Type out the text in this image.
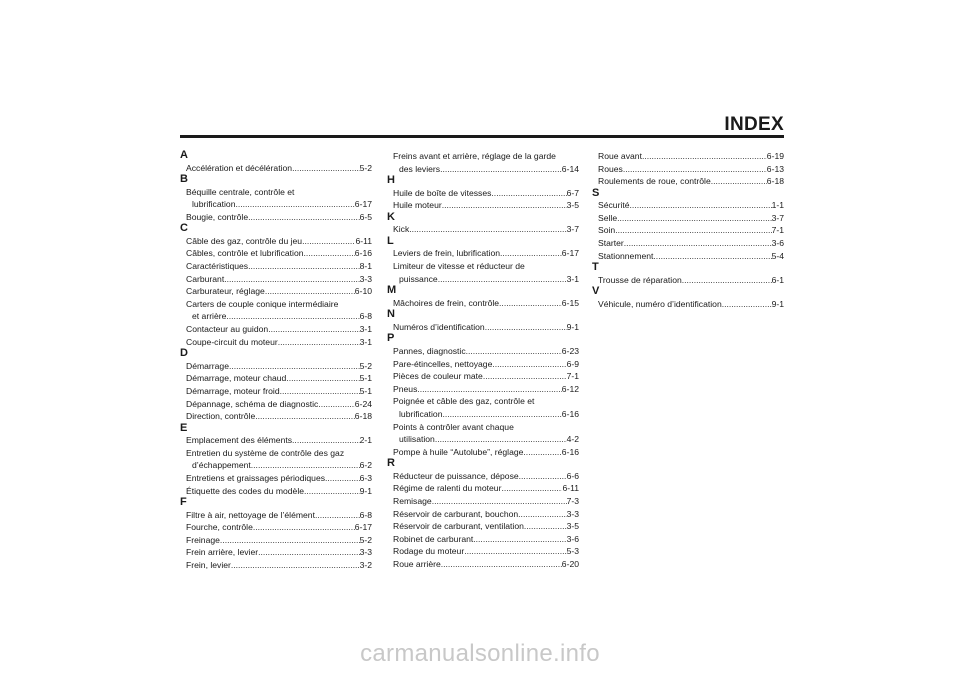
INDEX
A
Accélération et décélération .....	5-2
B
Béquille centrale, contrôle et
lubrification .....	6-17
Bougie, contrôle .....	6-5
C
Câble des gaz, contrôle du jeu .....	6-11
Câbles, contrôle et lubrification .....	6-16
Caractéristiques .....	8-1
Carburant .....	3-3
Carburateur, réglage .....	6-10
Carters de couple conique intermédiaire
et arrière .....	6-8
Contacteur au guidon .....	3-1
Coupe-circuit du moteur .....	3-1
D
Démarrage .....	5-2
Démarrage, moteur chaud .....	5-1
Démarrage, moteur froid .....	5-1
Dépannage, schéma de diagnostic .....	6-24
Direction, contrôle .....	6-18
E
Emplacement des éléments .....	2-1
Entretien du système de contrôle des gaz
d’échappement .....	6-2
Entretiens et graissages périodiques .....	6-3
Étiquette des codes du modèle .....	9-1
F
Filtre à air, nettoyage de l’élément .....	6-8
Fourche, contrôle .....	6-17
Freinage .....	5-2
Frein arrière, levier .....	3-3
Frein, levier .....	3-2
Freins avant et arrière, réglage de la garde
des leviers .....	6-14
H
Huile de boîte de vitesses .....	6-7
Huile moteur .....	3-5
K
Kick .....	3-7
L
Leviers de frein, lubrification .....	6-17
Limiteur de vitesse et réducteur de
puissance .....	3-1
M
Mâchoires de frein, contrôle .....	6-15
N
Numéros d’identification .....	9-1
P
Pannes, diagnostic .....	6-23
Pare-étincelles, nettoyage .....	6-9
Pièces de couleur mate .....	7-1
Pneus .....	6-12
Poignée et câble des gaz, contrôle et
lubrification .....	6-16
Points à contrôler avant chaque
utilisation .....	4-2
Pompe à huile “Autolube”, réglage .....	6-16
R
Réducteur de puissance, dépose .....	6-6
Régime de ralenti du moteur .....	6-11
Remisage .....	7-3
Réservoir de carburant, bouchon .....	3-3
Réservoir de carburant, ventilation .....	3-5
Robinet de carburant .....	3-6
Rodage du moteur .....	5-3
Roue arrière .....	6-20
Roue avant .....	6-19
Roues .....	6-13
Roulements de roue, contrôle .....	6-18
S
Sécurité .....	1-1
Selle .....	3-7
Soin .....	7-1
Starter .....	3-6
Stationnement .....	5-4
T
Trousse de réparation .....	6-1
V
Véhicule, numéro d’identification .....	9-1
carmanualsonline.info
